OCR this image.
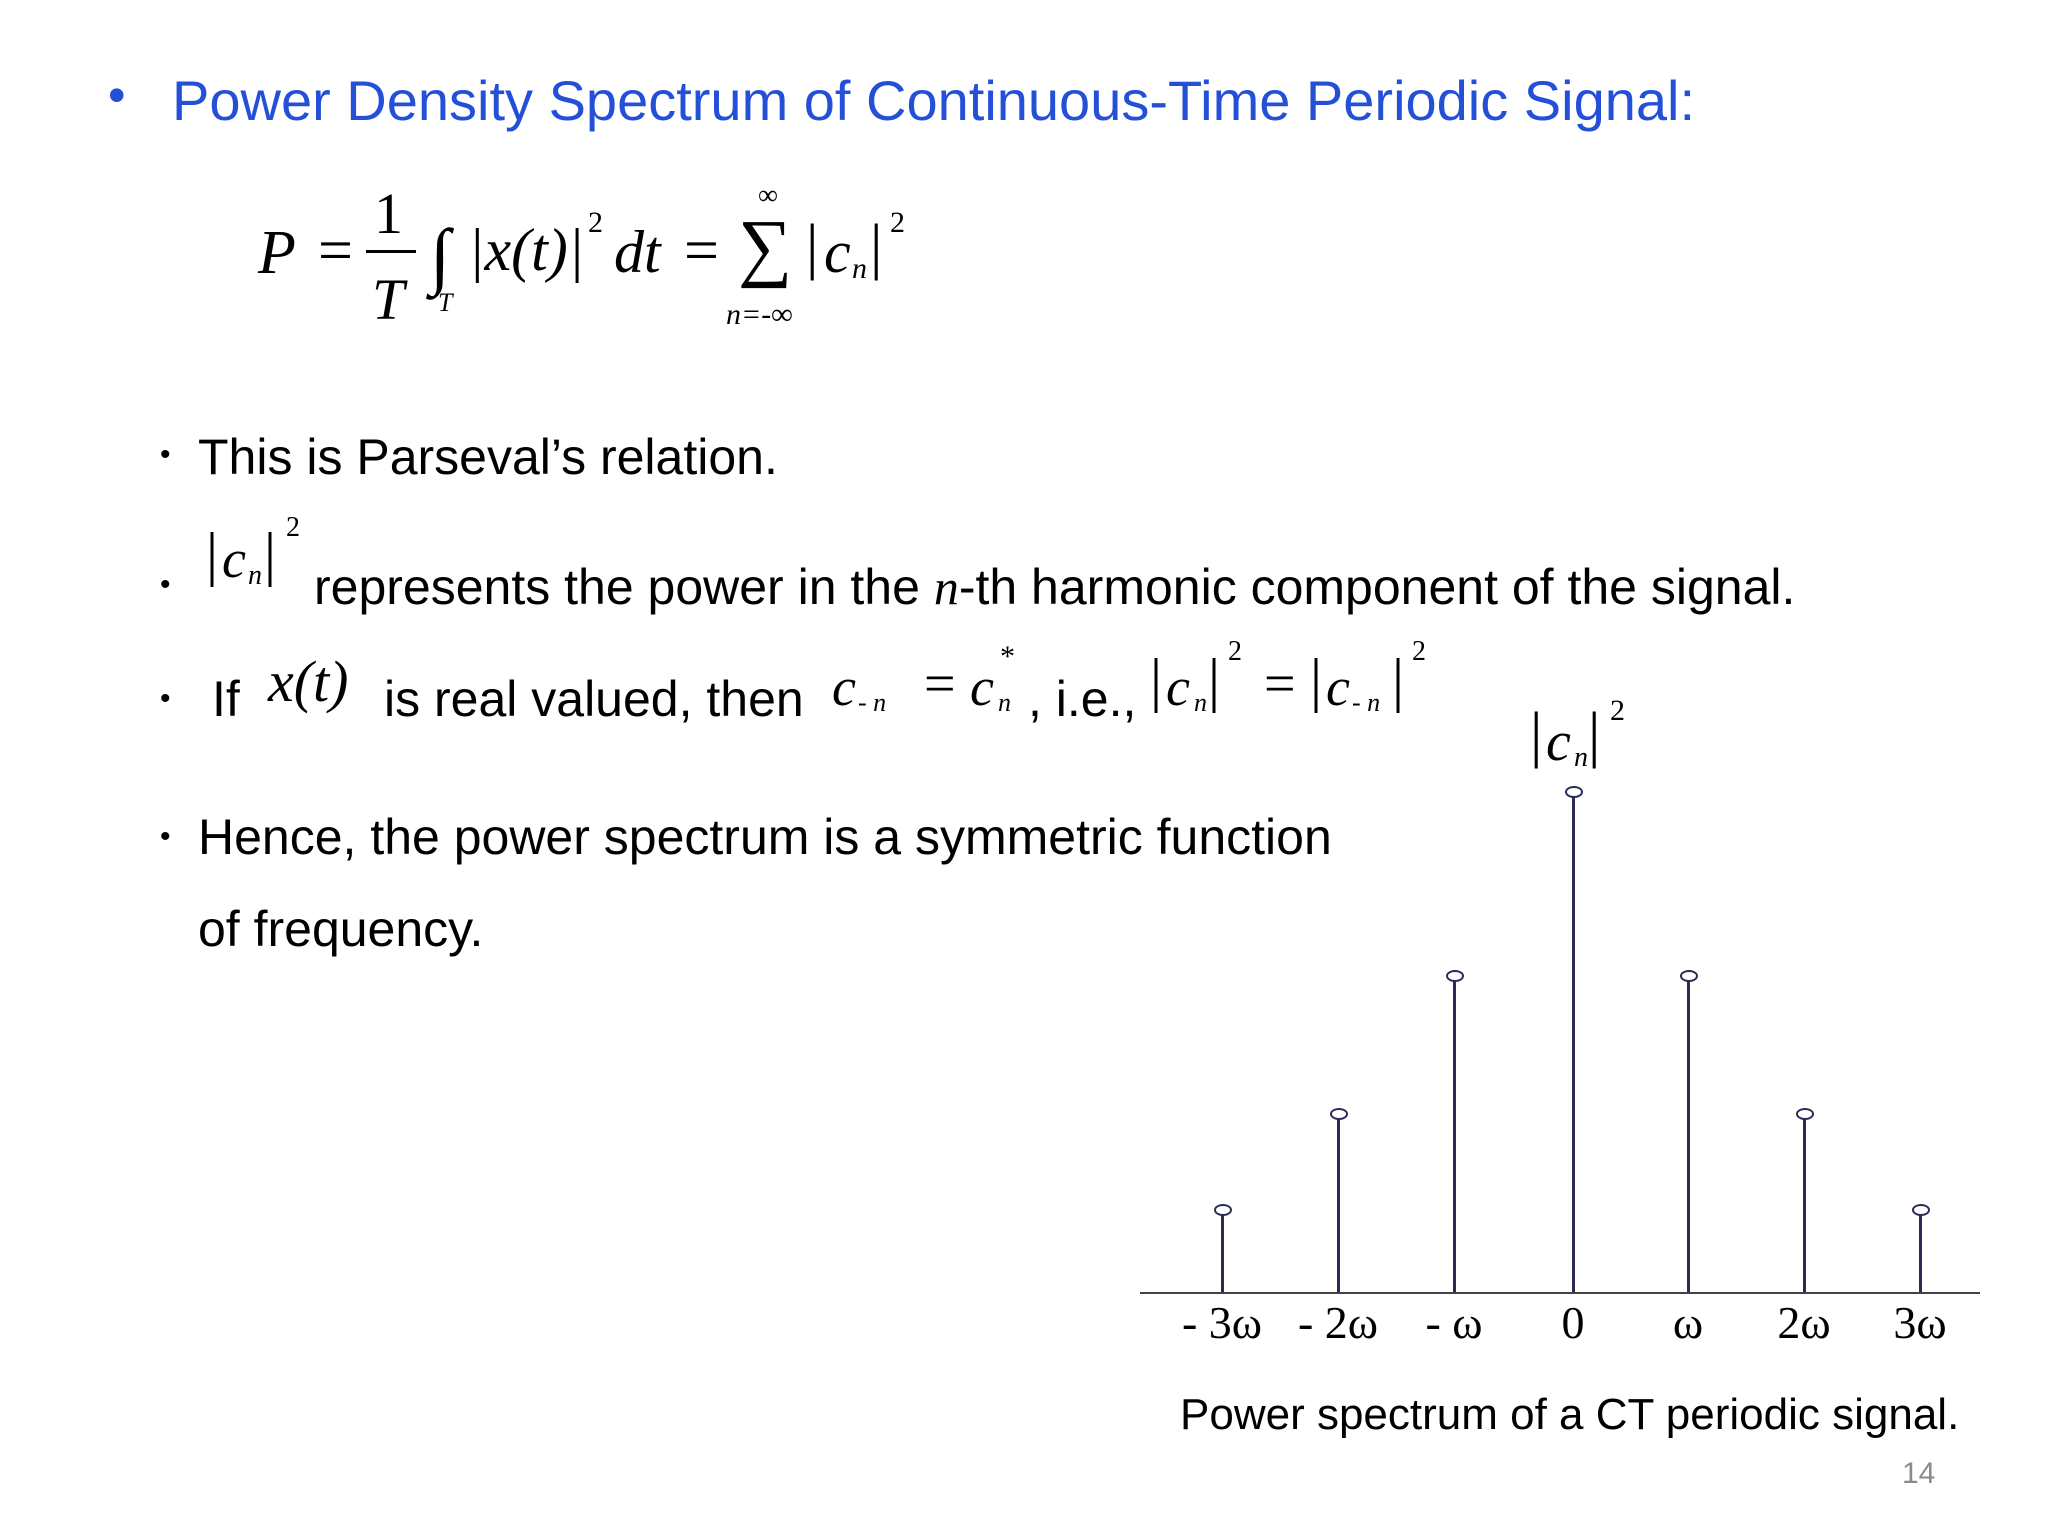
• Power Density Spectrum of Continuous-Time Periodic Signal:
P =
1
T
∫
T
|x(t)| 2 dt =
∞
∑
n=-∞
| c n | 2
• This is Parseval’s relation.
• | c n | 2
represents the power in the n-th harmonic component of the signal.
• If x(t) is real valued, then c - n = c
*
n , i.e., | c n | 2
= | c - n | 2
• Hence, the power spectrum is a symmetric function
of frequency.
| c n | 2
- 3ω - 2ω - ω 0 ω 2ω 3ω
Power spectrum of a CT periodic signal.
14
